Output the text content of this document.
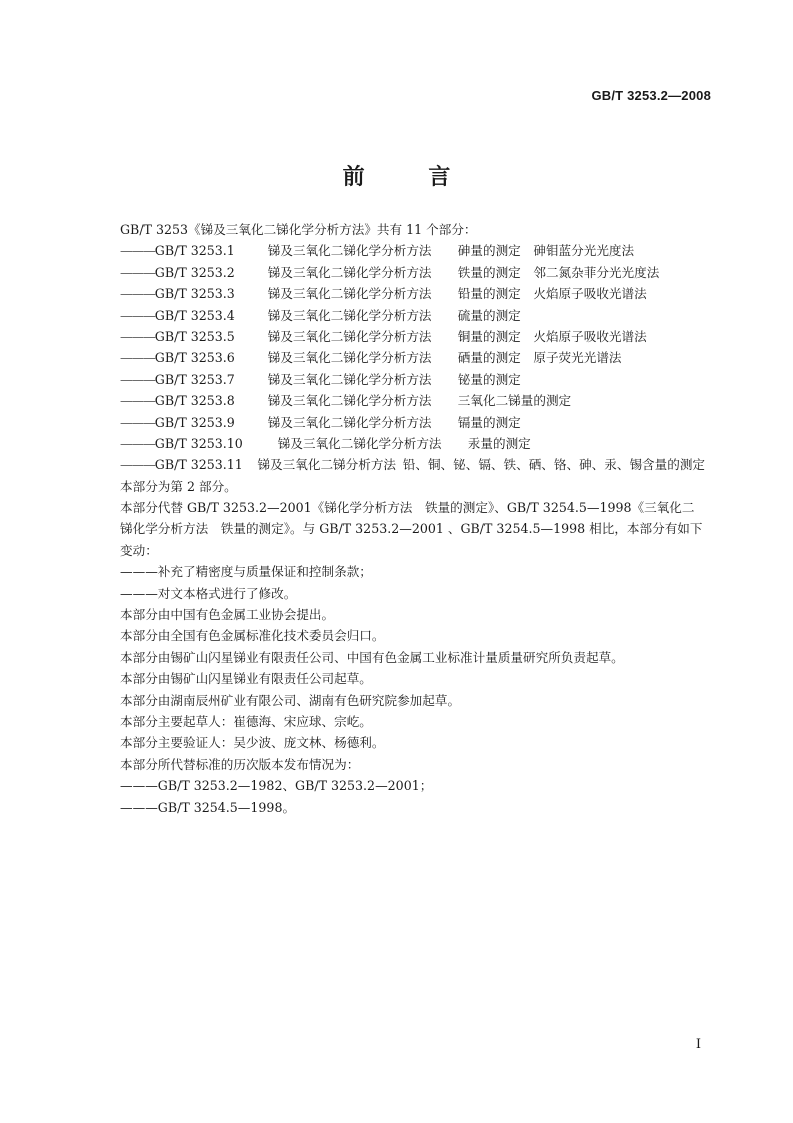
GB/T 3253.2—2008
前 言
GB/T 3253《锑及三氧化二锑化学分析方法》共有 11 个部分：
——— GB/T 3253.1	锑及三氧化二锑化学分析方法	砷量的测定　砷钼蓝分光光度法
——— GB/T 3253.2	锑及三氧化二锑化学分析方法	铁量的测定　邻二氮杂菲分光光度法
——— GB/T 3253.3	锑及三氧化二锑化学分析方法	铅量的测定　火焰原子吸收光谱法
——— GB/T 3253.4	锑及三氧化二锑化学分析方法	硫量的测定
——— GB/T 3253.5	锑及三氧化二锑化学分析方法	铜量的测定　火焰原子吸收光谱法
——— GB/T 3253.6	锑及三氧化二锑化学分析方法	硒量的测定　原子荧光光谱法
——— GB/T 3253.7	锑及三氧化二锑化学分析方法	铋量的测定
——— GB/T 3253.8	锑及三氧化二锑化学分析方法	三氧化二锑量的测定
——— GB/T 3253.9	锑及三氧化二锑化学分析方法	镉量的测定
——— GB/T 3253.10	锑及三氧化二锑化学分析方法	汞量的测定
——— GB/T 3253.11	锑及三氧化二锑分析方法 铅、铜、铋、镉、铁、硒、铬、砷、汞、锡含量的测定
本部分为第 2 部分。
本部分代替 GB/T 3253.2—2001《锑化学分析方法　铁量的测定》、GB/T 3254.5—1998《三氧化二
锑化学分析方法　铁量的测定》。与 GB/T 3253.2—2001 、GB/T 3254.5—1998 相比，本部分有如下
变动：
———补充了精密度与质量保证和控制条款；
———对文本格式进行了修改。
本部分由中国有色金属工业协会提出。
本部分由全国有色金属标准化技术委员会归口。
本部分由锡矿山闪星锑业有限责任公司、中国有色金属工业标准计量质量研究所负责起草。
本部分由锡矿山闪星锑业有限责任公司起草。
本部分由湖南辰州矿业有限公司、湖南有色研究院参加起草。
本部分主要起草人：崔德海、宋应球、宗屹。
本部分主要验证人：吴少波、庞文林、杨德利。
本部分所代替标准的历次版本发布情况为：
———GB/T 3253.2—1982、GB/T 3253.2—2001；
———GB/T 3254.5—1998。
I
